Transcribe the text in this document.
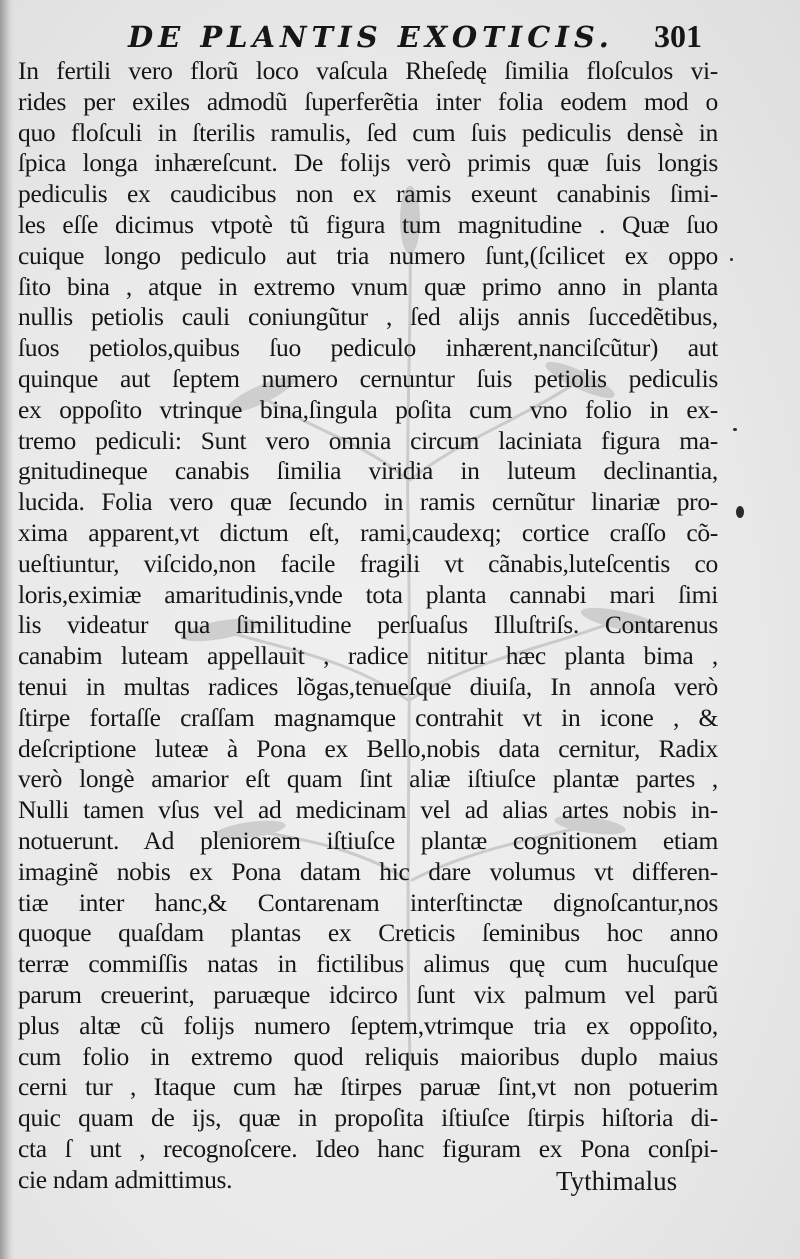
DE PLANTIS EXOTICIS. 301
In fertili vero florũ loco vaſcula Rheſedę ſimilia floſculos vi-
rides per exiles admodũ ſuperferẽtia inter folia eodem mod o
quo floſculi in ſterilis ramulis, ſed cum ſuis pediculis densè in
ſpica longa inhæreſcunt. De folijs verò primis quæ ſuis longis
pediculis ex caudicibus non ex ramis exeunt canabinis ſimi-
les eſſe dicimus vtpotè tũ figura tum magnitudine . Quæ ſuo
cuique longo pediculo aut tria numero ſunt,(ſcilicet ex oppo
ſito bina , atque in extremo vnum quæ primo anno in planta
nullis petiolis cauli coniungũtur , ſed alijs annis ſuccedẽtibus,
ſuos petiolos,quibus ſuo pediculo inhærent,nanciſcũtur) aut
quinque aut ſeptem numero cernuntur ſuis petiolis pediculis
ex oppoſito vtrinque bina,ſingula poſita cum vno folio in ex-
tremo pediculi: Sunt vero omnia circum laciniata figura ma-
gnitudineque canabis ſimilia viridia in luteum declinantia,
lucida. Folia vero quæ ſecundo in ramis cernũtur linariæ pro-
xima apparent,vt dictum eſt, rami,caudexq; cortice craſſo cõ-
ueſtiuntur, viſcido,non facile fragili vt cãnabis,luteſcentis co
loris,eximiæ amaritudinis,vnde tota planta cannabi mari ſimi
lis videatur qua ſimilitudine perſuaſus Illuſtriſs. Contarenus
canabim luteam appellauit , radice nititur hæc planta bima ,
tenui in multas radices lõgas,tenueſque diuiſa, In annoſa verò
ſtirpe fortaſſe craſſam magnamque contrahit vt in icone , &
deſcriptione luteæ à Pona ex Bello,nobis data cernitur, Radix
verò longè amarior eſt quam ſint aliæ iſtiuſce plantæ partes ,
Nulli tamen vſus vel ad medicinam vel ad alias artes nobis in-
notuerunt. Ad pleniorem iſtiuſce plantæ cognitionem etiam
imaginẽ nobis ex Pona datam hic dare volumus vt differen-
tiæ inter hanc,& Contarenam interſtinctæ dignoſcantur,nos
quoque quaſdam plantas ex Creticis ſeminibus hoc anno
terræ commiſſis natas in fictilibus alimus quę cum hucuſque
parum creuerint, paruæque idcirco ſunt vix palmum vel parũ
plus altæ cũ folijs numero ſeptem,vtrimque tria ex oppoſito,
cum folio in extremo quod reliquis maioribus duplo maius
cerni tur , Itaque cum hæ ſtirpes paruæ ſint,vt non potuerim
quic quam de ijs, quæ in propoſita iſtiuſce ſtirpis hiſtoria di-
cta ſ unt , recognoſcere. Ideo hanc figuram ex Pona conſpi-
cie ndam admittimus.	Tythimalus
